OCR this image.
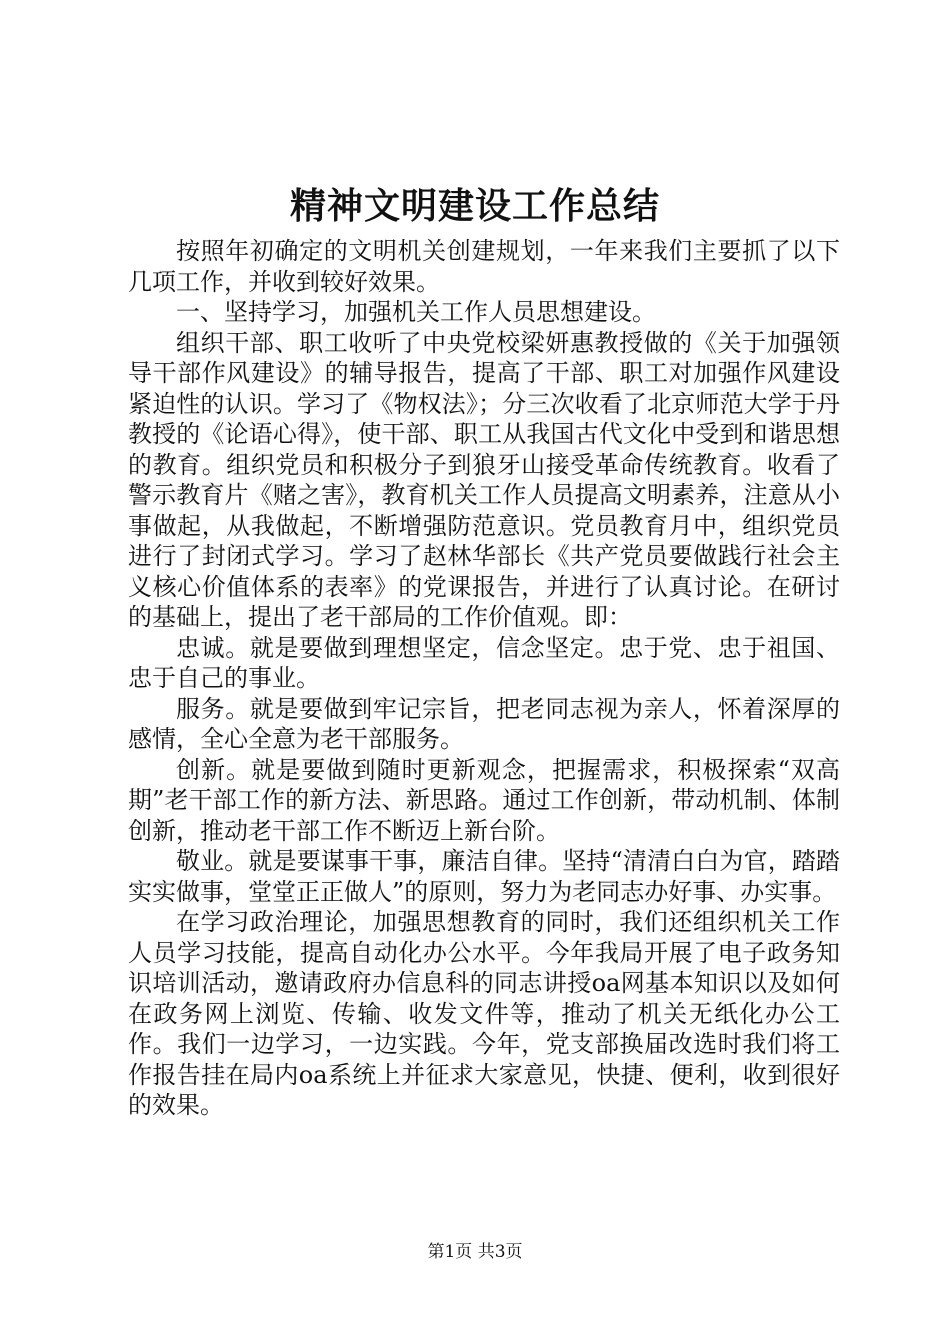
精神文明建设工作总结

按照年初确定的文明机关创建规划，一年来我们主要抓了以下几项工作，并收到较好效果。

一、坚持学习，加强机关工作人员思想建设。

组织干部、职工收听了中央党校梁妍惠教授做的《关于加强领导干部作风建设》的辅导报告，提高了干部、职工对加强作风建设紧迫性的认识。学习了《物权法》；分三次收看了北京师范大学于丹教授的《论语心得》，使干部、职工从我国古代文化中受到和谐思想的教育。组织党员和积极分子到狼牙山接受革命传统教育。收看了警示教育片《赌之害》，教育机关工作人员提高文明素养，注意从小事做起，从我做起，不断增强防范意识。党员教育月中，组织党员进行了封闭式学习。学习了赵林华部长《共产党员要做践行社会主义核心价值体系的表率》的党课报告，并进行了认真讨论。在研讨的基础上，提出了老干部局的工作价值观。即：

忠诚。就是要做到理想坚定，信念坚定。忠于党、忠于祖国、忠于自己的事业。

服务。就是要做到牢记宗旨，把老同志视为亲人，怀着深厚的感情，全心全意为老干部服务。

创新。就是要做到随时更新观念，把握需求，积极探索“双高期”老干部工作的新方法、新思路。通过工作创新，带动机制、体制创新，推动老干部工作不断迈上新台阶。

敬业。就是要谋事干事，廉洁自律。坚持“清清白白为官，踏踏实实做事，堂堂正正做人”的原则，努力为老同志办好事、办实事。

在学习政治理论，加强思想教育的同时，我们还组织机关工作人员学习技能，提高自动化办公水平。今年我局开展了电子政务知识培训活动，邀请政府办信息科的同志讲授oa网基本知识以及如何在政务网上浏览、传输、收发文件等，推动了机关无纸化办公工作。我们一边学习，一边实践。今年，党支部换届改选时我们将工作报告挂在局内oa系统上并征求大家意见，快捷、便利，收到很好的效果。

第1页 共3页
